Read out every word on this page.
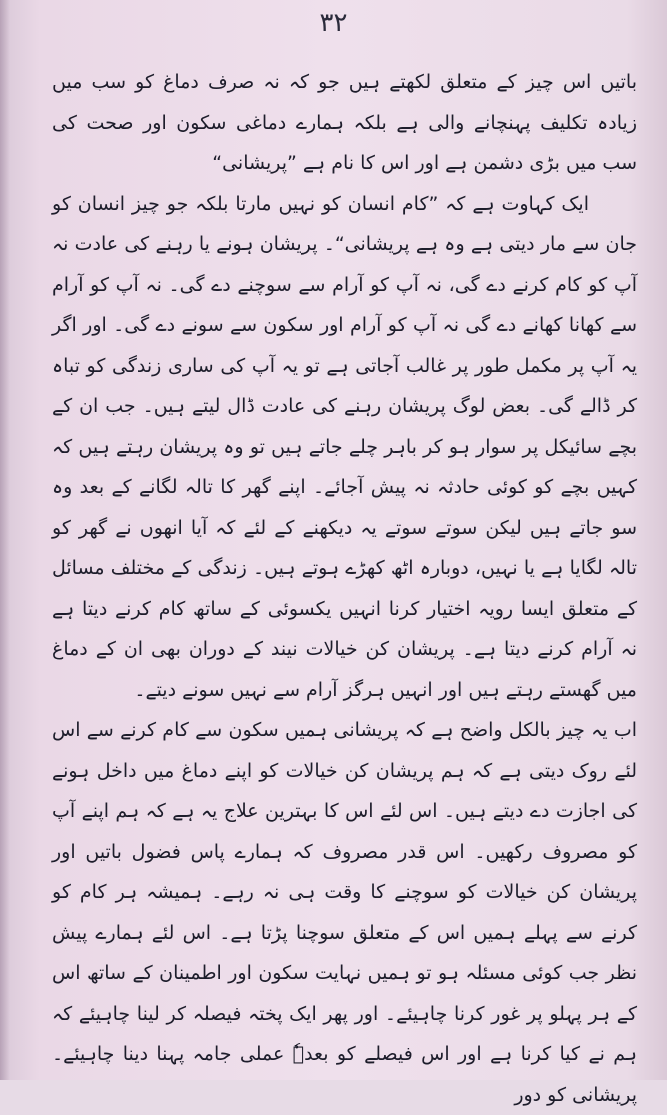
۳۲

باتیں اس چیز کے متعلق لکھتے ہیں جو کہ نہ صرف دماغ کو سب میں زیادہ تکلیف پہنچانے والی ہے بلکہ ہمارے دماغی سکون اور صحت کی سب میں بڑی دشمن ہے اور اس کا نام ہے ”پریشانی“

ایک کہاوت ہے کہ ”کام انسان کو نہیں مارتا بلکہ جو چیز انسان کو جان سے مار دیتی ہے وہ ہے پریشانی“۔ پریشان ہونے یا رہنے کی عادت نہ آپ کو کام کرنے دے گی، نہ آپ کو آرام سے سوچنے دے گی۔ نہ آپ کو آرام سے کھانا کھانے دے گی نہ آپ کو آرام اور سکون سے سونے دے گی۔ اور اگر یہ آپ پر مکمل طور پر غالب آجاتی ہے تو یہ آپ کی ساری زندگی کو تباہ کر ڈالے گی۔ بعض لوگ پریشان رہنے کی عادت ڈال لیتے ہیں۔ جب ان کے بچے سائیکل پر سوار ہو کر باہر چلے جاتے ہیں تو وہ پریشان رہتے ہیں کہ کہیں بچے کو کوئی حادثہ نہ پیش آجائے۔ اپنے گھر کا تالہ لگانے کے بعد وہ سو جاتے ہیں لیکن سوتے سوتے یہ دیکھنے کے لئے کہ آیا انھوں نے گھر کو تالہ لگایا ہے یا نہیں، دوبارہ اٹھ کھڑے ہوتے ہیں۔ زندگی کے مختلف مسائل کے متعلق ایسا رویہ اختیار کرنا انہیں یکسوئی کے ساتھ کام کرنے دیتا ہے نہ آرام کرنے دیتا ہے۔ پریشان کن خیالات نیند کے دوران بھی ان کے دماغ میں گھستے رہتے ہیں اور انہیں ہرگز آرام سے نہیں سونے دیتے۔

اب یہ چیز بالکل واضح ہے کہ پریشانی ہمیں سکون سے کام کرنے سے اس لئے روک دیتی ہے کہ ہم پریشان کن خیالات کو اپنے دماغ میں داخل ہونے کی اجازت دے دیتے ہیں۔ اس لئے اس کا بہترین علاج یہ ہے کہ ہم اپنے آپ کو مصروف رکھیں۔ اس قدر مصروف کہ ہمارے پاس فضول باتیں اور پریشان کن خیالات کو سوچنے کا وقت ہی نہ رہے۔ ہمیشہ ہر کام کو کرنے سے پہلے ہمیں اس کے متعلق سوچنا پڑتا ہے۔ اس لئے ہمارے پیش نظر جب کوئی مسئلہ ہو تو ہمیں نہایت سکون اور اطمینان کے ساتھ اس کے ہر پہلو پر غور کرنا چاہیئے۔ اور پھر ایک پختہ فیصلہ کر لینا چاہیئے کہ ہم نے کیا کرنا ہے اور اس فیصلے کو بعدہٗ عملی جامہ پہنا دینا چاہیئے۔ پریشانی کو دور
